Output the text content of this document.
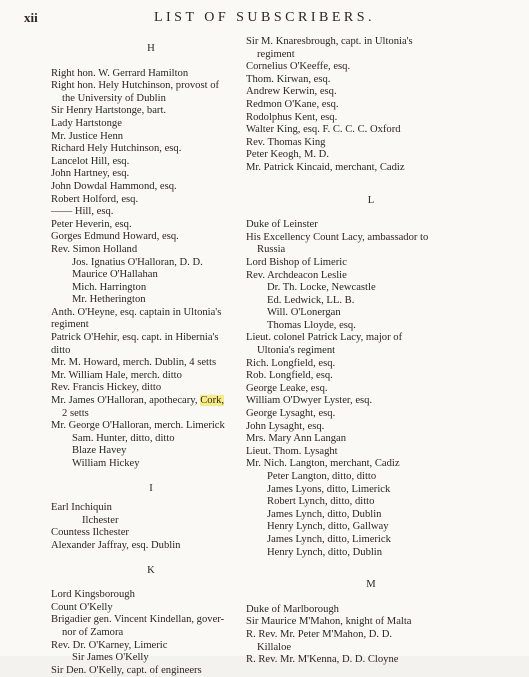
xii	LIST OF SUBSCRIBERS.
H
Right hon. W. Gerrard Hamilton
Right hon. Hely Hutchinson, provost of
the University of Dublin
Sir Henry Hartstonge, bart.
Lady Hartstonge
Mr. Justice Henn
Richard Hely Hutchinson, esq.
Lancelot Hill, esq.
John Hartney, esq.
John Dowdal Hammond, esq.
Robert Holford, esq.
—— Hill, esq.
Peter Heverin, esq.
Gorges Edmund Howard, esq.
Rev. Simon Holland
Jos. Ignatius O'Halloran, D. D.
Maurice O'Hallahan
Mich. Harrington
Mr. Hetherington
Anth. O'Heyne, esq. captain in Ultonia's
regiment
Patrick O'Hehir, esq. capt. in Hibernia's
ditto
Mr. M. Howard, merch. Dublin, 4 setts
Mr. William Hale, merch. ditto
Rev. Francis Hickey, ditto
Mr. James O'Halloran, apothecary, Cork,
2 setts
Mr. George O'Halloran, merch. Limerick
Sam. Hunter, ditto, ditto
Blaze Havey
William Hickey
I
Earl Inchiquin
Ilchester
Countess Ilchester
Alexander Jaffray, esq. Dublin
K
Lord Kingsborough
Count O'Kelly
Brigadier gen. Vincent Kindellan, gover-
nor of Zamora
Rev. Dr. O'Karney, Limeric
Sir James O'Kelly
Sir Den. O'Kelly, capt. of engineers
Sir M. Knaresbrough, capt. in Ultonia's
regiment
Cornelius O'Keeffe, esq.
Thom. Kirwan, esq.
Andrew Kerwin, esq.
Redmon O'Kane, esq.
Rodolphus Kent, esq.
Walter King, esq. F. C. C. C. Oxford
Rev. Thomas King
Peter Keogh, M. D.
Mr. Patrick Kincaid, merchant, Cadiz
L
Duke of Leinster
His Excellency Count Lacy, ambassador to
Russia
Lord Bishop of Limeric
Rev. Archdeacon Leslie
Dr. Th. Locke, Newcastle
Ed. Ledwick, LL. B.
Will. O'Lonergan
Thomas Lloyde, esq.
Lieut. colonel Patrick Lacy, major of
Ultonia's regiment
Rich. Longfield, esq.
Rob. Longfield, esq.
George Leake, esq.
William O'Dwyer Lyster, esq.
George Lysaght, esq.
John Lysaght, esq.
Mrs. Mary Ann Langan
Lieut. Thom. Lysaght
Mr. Nich. Langton, merchant, Cadiz
Peter Langton, ditto, ditto
James Lyons, ditto, Limerick
Robert Lynch, ditto, ditto
James Lynch, ditto, Dublin
Henry Lynch, ditto, Gallway
James Lynch, ditto, Limerick
Henry Lynch, ditto, Dublin
M
Duke of Marlborough
Sir Maurice M'Mahon, knight of Malta
R. Rev. Mr. Peter M'Mahon, D. D.
Killaloe
R. Rev. Mr. M'Kenna, D. D. Cloyne
